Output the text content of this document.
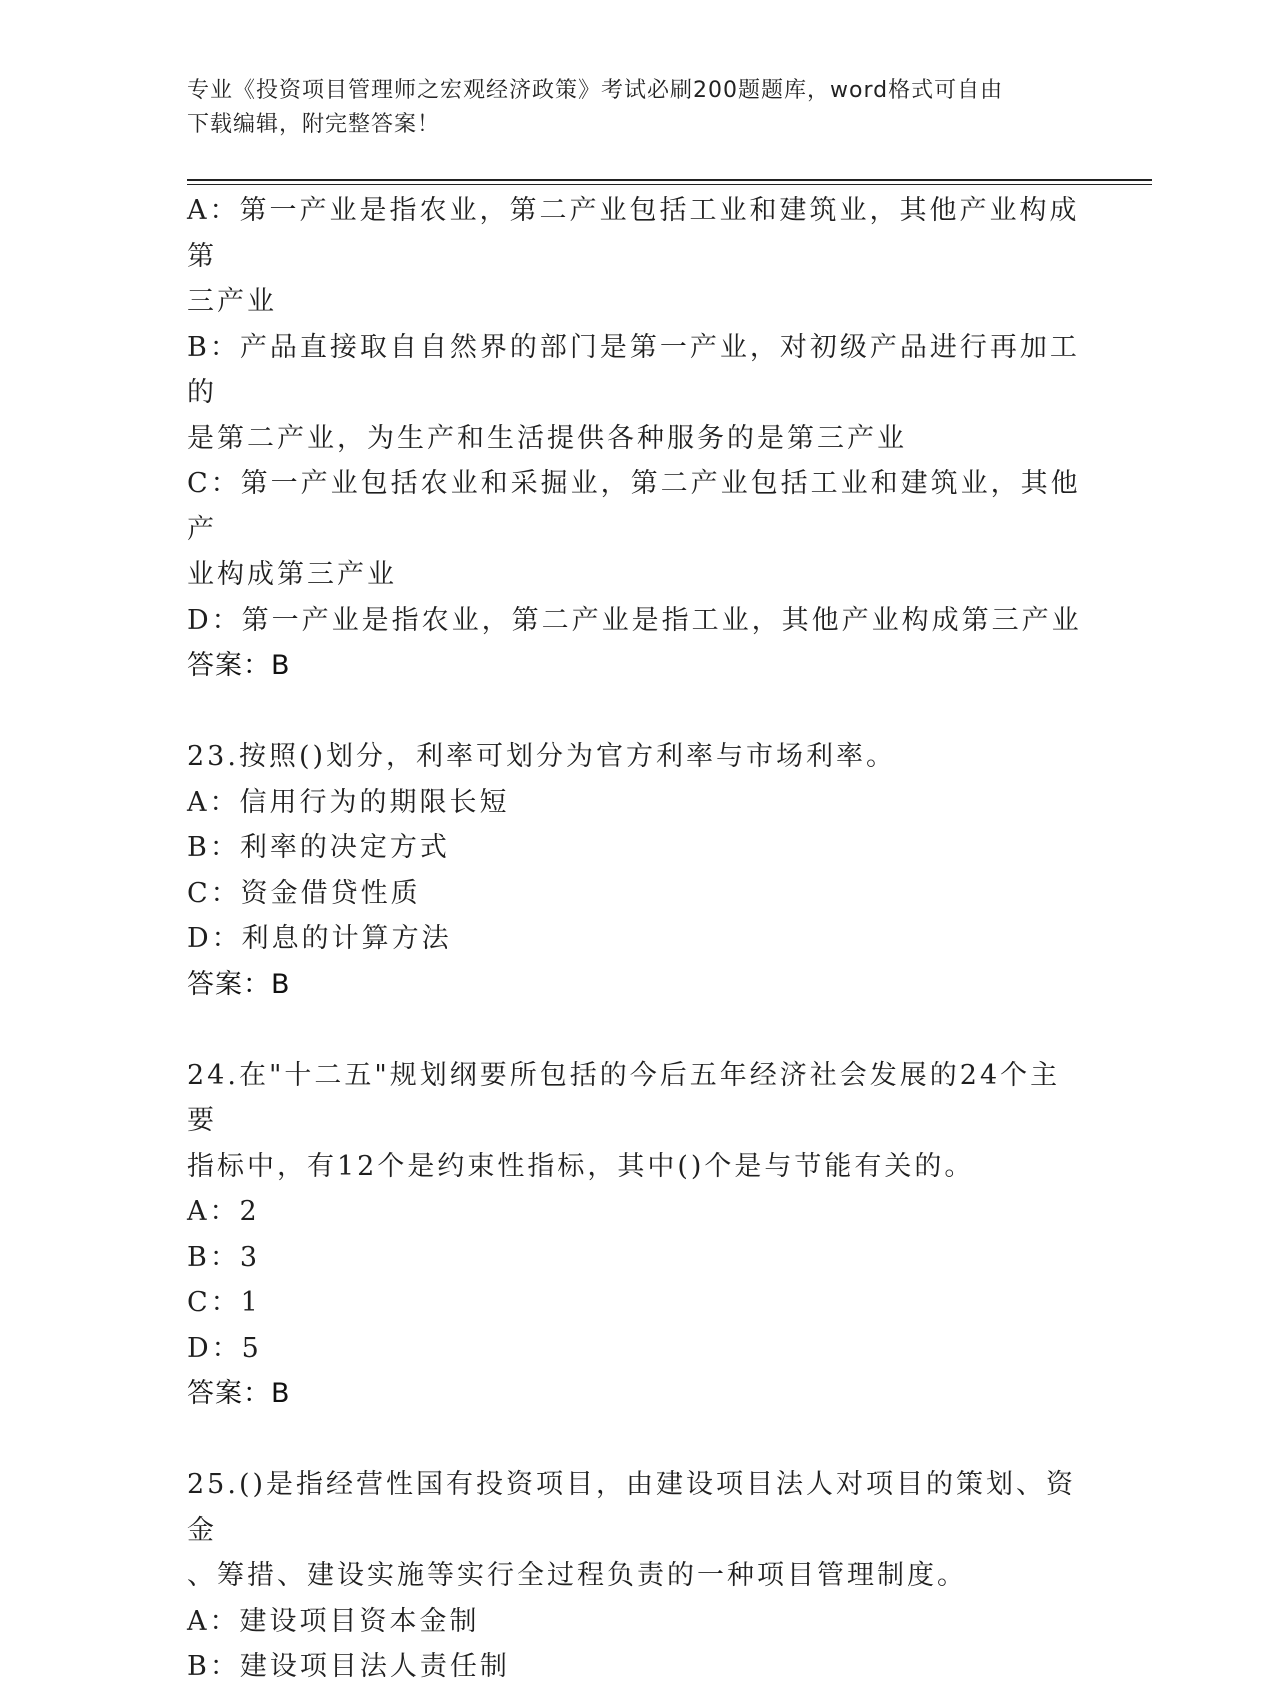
专业《投资项目管理师之宏观经济政策》考试必刷200题题库，word格式可自由
下载编辑，附完整答案！
A：第一产业是指农业，第二产业包括工业和建筑业，其他产业构成第
三产业
B：产品直接取自自然界的部门是第一产业，对初级产品进行再加工的
是第二产业，为生产和生活提供各种服务的是第三产业
C：第一产业包括农业和采掘业，第二产业包括工业和建筑业，其他产
业构成第三产业
D：第一产业是指农业，第二产业是指工业，其他产业构成第三产业
答案：B
23.按照()划分，利率可划分为官方利率与市场利率。
A：信用行为的期限长短
B：利率的决定方式
C：资金借贷性质
D：利息的计算方法
答案：B
24.在"十二五"规划纲要所包括的今后五年经济社会发展的24个主要
指标中，有12个是约束性指标，其中()个是与节能有关的。
A：2
B：3
C：1
D：5
答案：B
25.()是指经营性国有投资项目，由建设项目法人对项目的策划、资金
、筹措、建设实施等实行全过程负责的一种项目管理制度。
A：建设项目资本金制
B：建设项目法人责任制
